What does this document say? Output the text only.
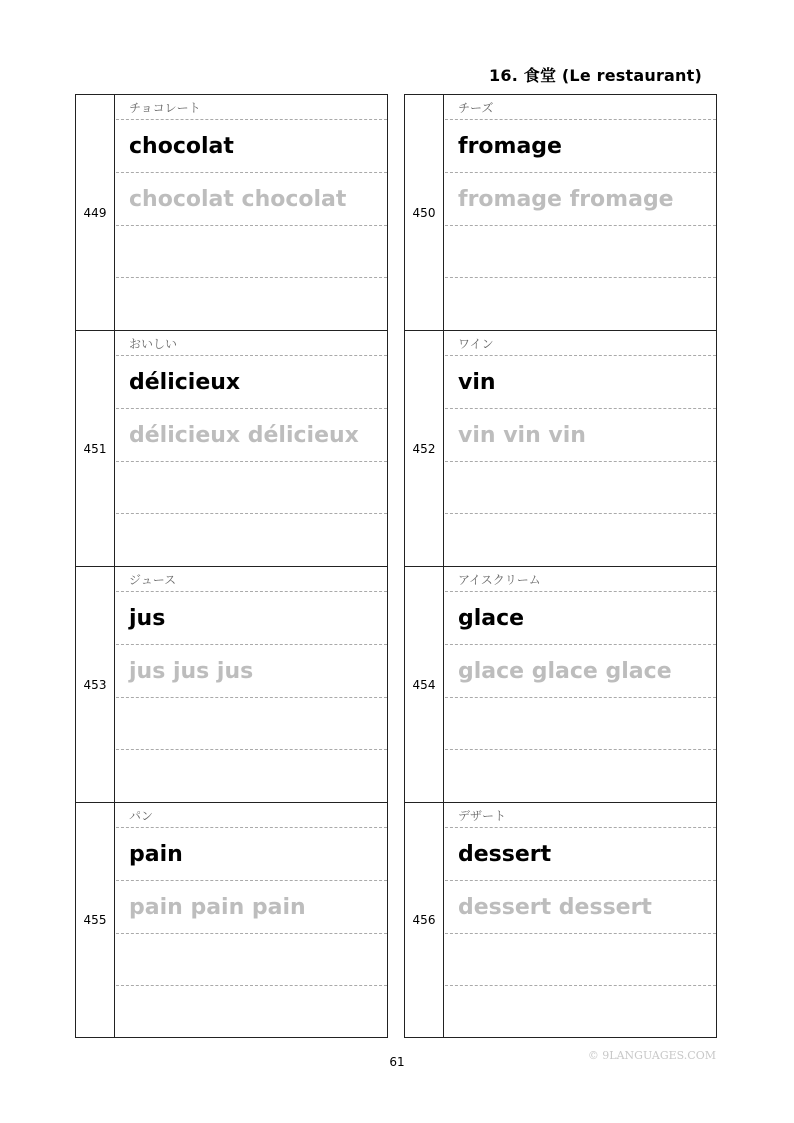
16. 食堂 (Le restaurant)
449
チョコレート
chocolat
chocolat chocolat
451
おいしい
délicieux
délicieux délicieux
453
ジュース
jus
jus jus jus
455
パン
pain
pain pain pain
450
チーズ
fromage
fromage fromage
452
ワイン
vin
vin vin vin
454
アイスクリーム
glace
glace glace glace
456
デザート
dessert
dessert dessert
61	© 9LANGUAGES.COM
